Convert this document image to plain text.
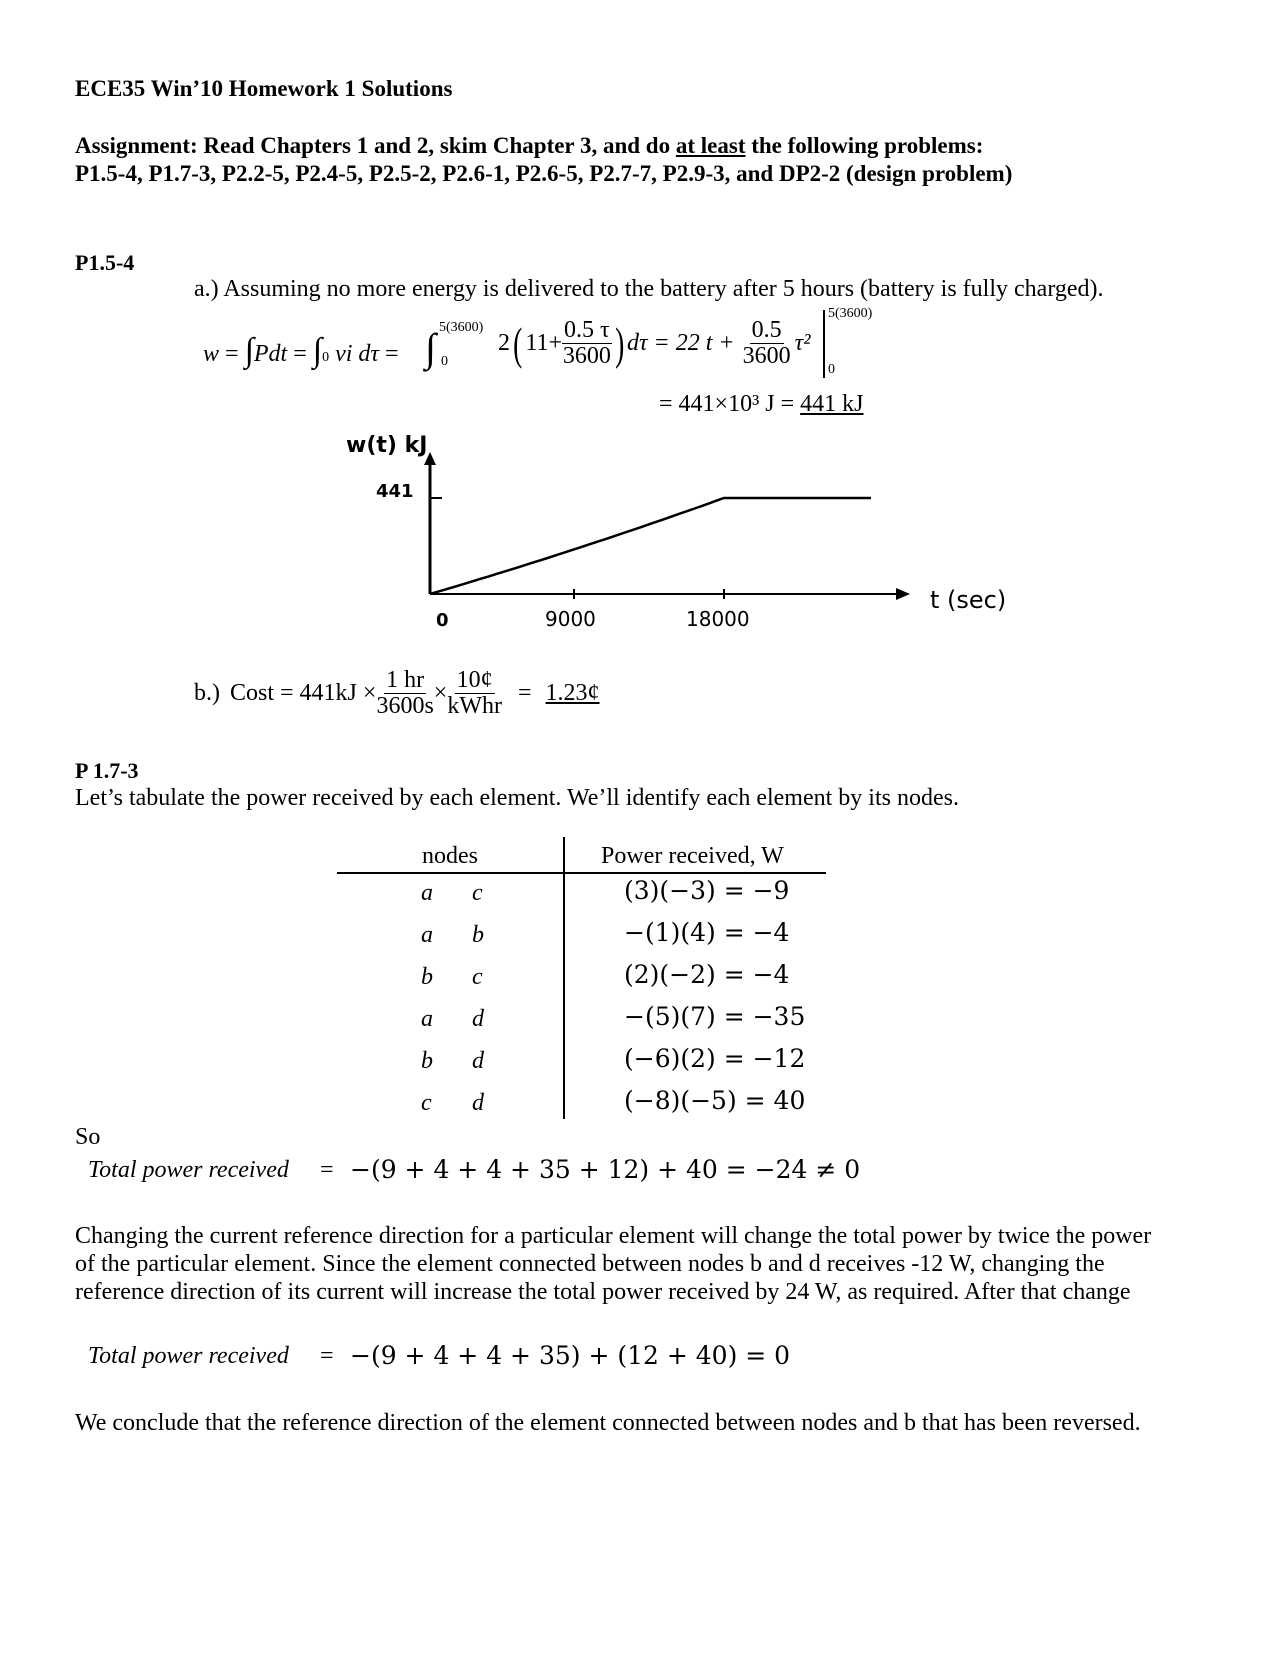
ECE35 Win’10 Homework 1 Solutions
Assignment: Read Chapters 1 and 2, skim Chapter 3, and do at least the following problems:
P1.5-4, P1.7-3, P2.2-5, P2.4-5, P2.5-2, P2.6-1, P2.6-5, P2.7-7, P2.9-3, and DP2-2 (design problem)
P1.5-4
a.) Assuming no more energy is delivered to the battery after 5 hours (battery is fully charged).
w = ∫Pdt = ∫0 vi dτ =
5(3600)
∫ 0
2 ( $11+ \frac{0.5 \tau}{3600}$ ) dτ = 22 $t + \frac{0.5}{3600} \tau^2$
5(3600)
0
= 441×10³ J = 441 kJ
w(t) kJ
441
0	9000	18000
t (sec)
b.) Cost = $441kJ \times \frac{1 hr}{3600s} \times \frac{10¢}{\text{kWhr}}$ = 1.23¢
P 1.7-3
Let’s tabulate the power received by each element. We’ll identify each element by its nodes.
nodes	Power received, W
a c	(3)(−3) = −9
a b	−(1)(4) = −4
b c	(2)(−2) = −4
a d	−(5)(7) = −35
b d	(−6)(2) = −12
c d	(−8)(−5) = 40
So
Total power received = −(9 + 4 + 4 + 35 + 12) + 40 = −24 ≠ 0
Changing the current reference direction for a particular element will change the total power by twice the power
of the particular element. Since the element connected between nodes b and d receives -12 W, changing the
reference direction of its current will increase the total power received by 24 W, as required. After that change
Total power received = −(9 + 4 + 4 + 35) + (12 + 40) = 0
We conclude that the reference direction of the element connected between nodes and b that has been reversed.
